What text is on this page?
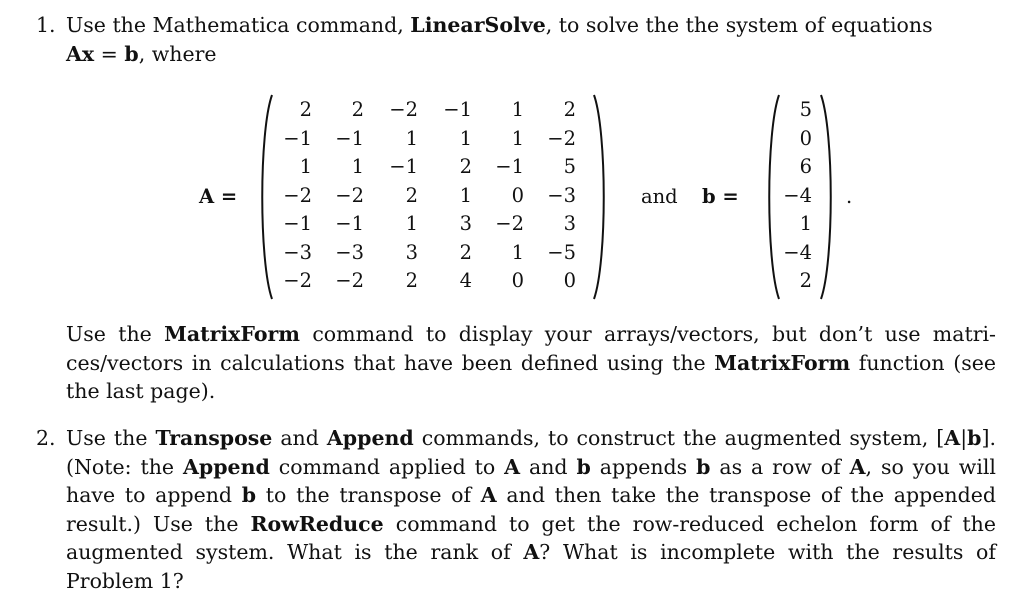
1. Use the Mathematica command, LinearSolve, to solve the the system of equations
Ax = b, where
A =
2	2	−2	−1	1	2
−1	−1	1	1	1	−2
1	1	−1	2	−1	5
−2	−2	2	1	0	−3
−1	−1	1	3	−2	3
−3	−3	3	2	1	−5
−2	−2	2	4	0	0
and b =
5
0
6
−4
1
−4
2
.
Use the MatrixForm command to display your arrays/vectors, but don’t use matri-ces/vectors in calculations that have been defined using the MatrixForm function (see the last page).
2. Use the Transpose and Append commands, to construct the augmented system, [A|b]. (Note: the Append command applied to A and b appends b as a row of A, so you will have to append b to the transpose of A and then take the transpose of the appended result.) Use the RowReduce command to get the row-reduced echelon form of the augmented system. What is the rank of A? What is incomplete with the results of Problem 1?
